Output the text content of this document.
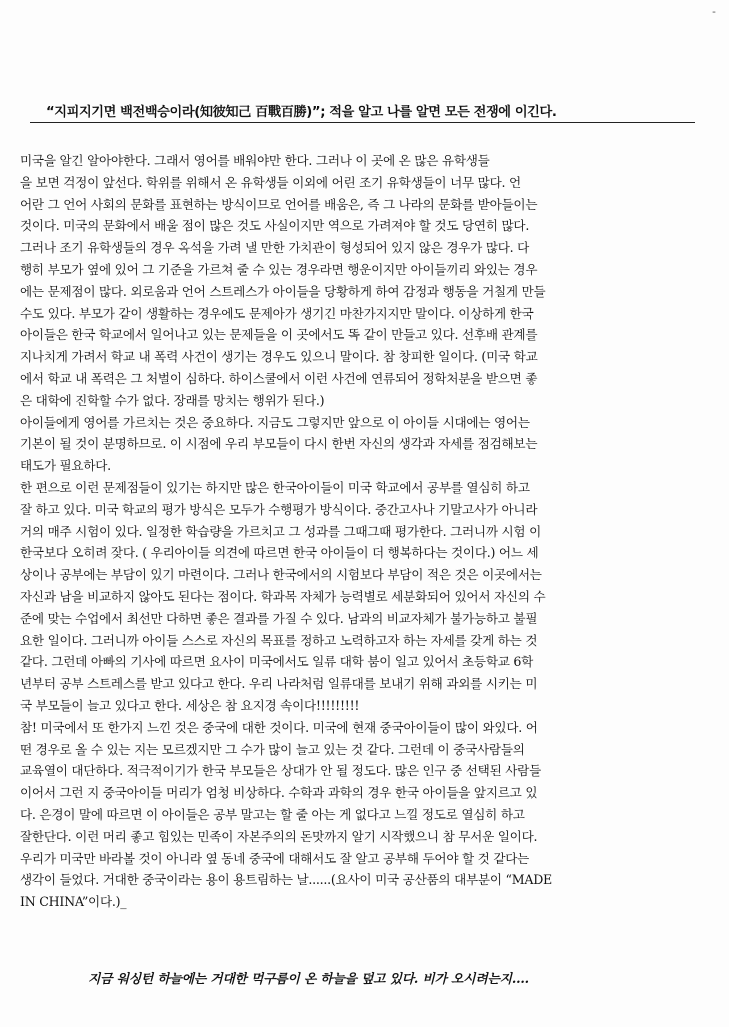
-
“지피지기면 백전백승이라(知彼知己 百戰百勝)”; 적을 알고 나를 알면 모든 전쟁에 이긴다.
미국을 알긴 알아야한다. 그래서 영어를 배워야만 한다. 그러나 이 곳에 온 많은 유학생들
을 보면 걱정이 앞선다. 학위를 위해서 온 유학생들 이외에 어린 조기 유학생들이 너무 많다. 언
어란 그 언어 사회의 문화를 표현하는 방식이므로 언어를 배움은, 즉 그 나라의 문화를 받아들이는
것이다. 미국의 문화에서 배울 점이 많은 것도 사실이지만 역으로 가려져야 할 것도 당연히 많다.
그러나 조기 유학생들의 경우 옥석을 가려 낼 만한 가치관이 형성되어 있지 않은 경우가 많다. 다
행히 부모가 옆에 있어 그 기준을 가르쳐 줄 수 있는 경우라면 행운이지만 아이들끼리 와있는 경우
에는 문제점이 많다. 외로움과 언어 스트레스가 아이들을 당황하게 하여 감정과 행동을 거칠게 만들
수도 있다. 부모가 같이 생활하는 경우에도 문제아가 생기긴 마찬가지지만 말이다. 이상하게 한국
아이들은 한국 학교에서 일어나고 있는 문제들을 이 곳에서도 똑 같이 만들고 있다. 선후배 관계를
지나치게 가려서 학교 내 폭력 사건이 생기는 경우도 있으니 말이다. 참 창피한 일이다. (미국 학교
에서 학교 내 폭력은 그 처벌이 심하다. 하이스쿨에서 이런 사건에 연류되어 정학처분을 받으면 좋
은 대학에 진학할 수가 없다. 장래를 망치는 행위가 된다.)
아이들에게 영어를 가르치는 것은 중요하다. 지금도 그렇지만 앞으로 이 아이들 시대에는 영어는
기본이 될 것이 분명하므로. 이 시점에 우리 부모들이 다시 한번 자신의 생각과 자세를 점검해보는
태도가 필요하다.
한 편으로 이런 문제점들이 있기는 하지만 많은 한국아이들이 미국 학교에서 공부를 열심히 하고
잘 하고 있다. 미국 학교의 평가 방식은 모두가 수행평가 방식이다. 중간고사나 기말고사가 아니라
거의 매주 시험이 있다. 일정한 학습량을 가르치고 그 성과를 그때그때 평가한다. 그러니까 시험 이
한국보다 오히려 잦다. ( 우리아이들 의견에 따르면 한국 아이들이 더 행복하다는 것이다.) 어느 세
상이나 공부에는 부담이 있기 마련이다. 그러나 한국에서의 시험보다 부담이 적은 것은 이곳에서는
자신과 남을 비교하지 않아도 된다는 점이다. 학과목 자체가 능력별로 세분화되어 있어서 자신의 수
준에 맞는 수업에서 최선만 다하면 좋은 결과를 가질 수 있다. 남과의 비교자체가 불가능하고 불필
요한 일이다. 그러니까 아이들 스스로 자신의 목표를 정하고 노력하고자 하는 자세를 갖게 하는 것
같다. 그런데 아빠의 기사에 따르면 요사이 미국에서도 일류 대학 붐이 일고 있어서 초등학교 6학
년부터 공부 스트레스를 받고 있다고 한다. 우리 나라처럼 일류대를 보내기 위해 과외를 시키는 미
국 부모들이 늘고 있다고 한다. 세상은 참 요지경 속이다!!!!!!!!!
참! 미국에서 또 한가지 느낀 것은 중국에 대한 것이다. 미국에 현재 중국아이들이 많이 와있다. 어
떤 경우로 올 수 있는 지는 모르겠지만 그 수가 많이 늘고 있는 것 같다. 그런데 이 중국사람들의
교육열이 대단하다. 적극적이기가 한국 부모들은 상대가 안 될 정도다. 많은 인구 중 선택된 사람들
이어서 그런 지 중국아이들 머리가 엄청 비상하다. 수학과 과학의 경우 한국 아이들을 앞지르고 있
다. 은경이 말에 따르면 이 아이들은 공부 말고는 할 줄 아는 게 없다고 느낄 정도로 열심히 하고
잘한단다. 이런 머리 좋고 힘있는 민족이 자본주의의 돈맛까지 알기 시작했으니 참 무서운 일이다.
우리가 미국만 바라볼 것이 아니라 옆 동네 중국에 대해서도 잘 알고 공부해 두어야 할 것 같다는
생각이 들었다. 거대한 중국이라는 용이 용트림하는 날......(요사이 미국 공산품의 대부분이 “MADE
IN CHINA”이다.)_
지금 워싱턴 하늘에는 거대한 먹구름이 온 하늘을 덮고 있다. 비가 오시려는지....
